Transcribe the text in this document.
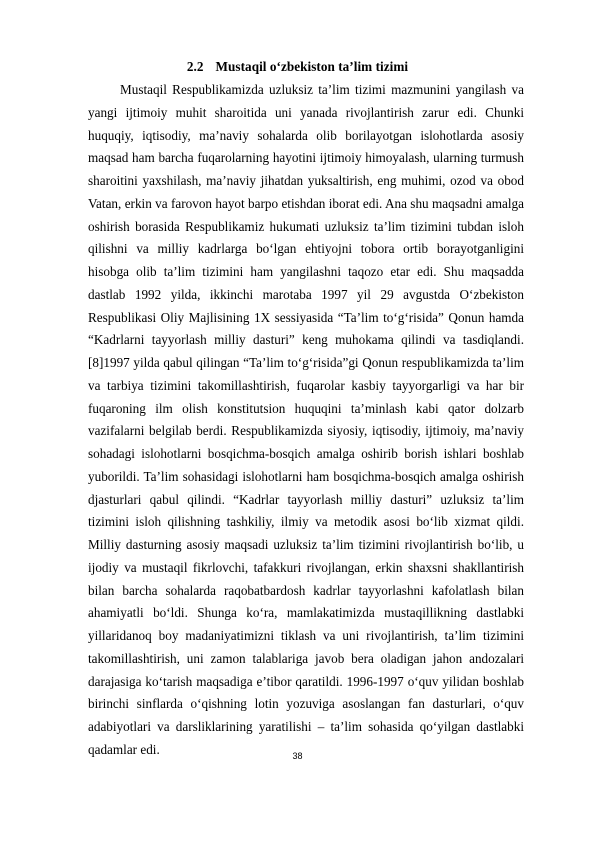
2.2 Mustaqil o‘zbekiston ta’lim tizimi

Mustaqil Respublikamizda uzluksiz ta’lim tizimi mazmunini yangilash va yangi ijtimoiy muhit sharoitida uni yanada rivojlantirish zarur edi. Chunki huquqiy, iqtisodiy, ma’naviy sohalarda olib borilayotgan islohotlarda asosiy maqsad ham barcha fuqarolarning hayotini ijtimoiy himoyalash, ularning turmush sharoitini yaxshilash, ma’naviy jihatdan yuksaltirish, eng muhimi, ozod va obod Vatan, erkin va farovon hayot barpo etishdan iborat edi. Ana shu maqsadni amalga oshirish borasida Respublikamiz hukumati uzluksiz ta’lim tizimini tubdan isloh qilishni va milliy kadrlarga bo‘lgan ehtiyojni tobora ortib borayotganligini hisobga olib ta’lim tizimini ham yangilashni taqozo etar edi. Shu maqsadda dastlab 1992 yilda, ikkinchi marotaba 1997 yil 29 avgustda O‘zbekiston Respublikasi Oliy Majlisining 1X sessiyasida “Ta’lim to‘g‘risida” Qonun hamda “Kadrlarni tayyorlash milliy dasturi” keng muhokama qilindi va tasdiqlandi. [8]1997 yilda qabul qilingan “Ta’lim to‘g‘risida”gi Qonun respublikamizda ta’lim va tarbiya tizimini takomillashtirish, fuqarolar kasbiy tayyorgarligi va har bir fuqaroning ilm olish konstitutsion huquqini ta’minlash kabi qator dolzarb vazifalarni belgilab berdi. Respublikamizda siyosiy, iqtisodiy, ijtimoiy, ma’naviy sohadagi islohotlarni bosqichma-bosqich amalga oshirib borish ishlari boshlab yuborildi. Ta’lim sohasidagi islohotlarni ham bosqichma-bosqich amalga oshirish djasturlari qabul qilindi. “Kadrlar tayyorlash milliy dasturi” uzluksiz ta’lim tizimini isloh qilishning tashkiliy, ilmiy va metodik asosi bo‘lib xizmat qildi. Milliy dasturning asosiy maqsadi uzluksiz ta’lim tizimini rivojlantirish bo‘lib, u ijodiy va mustaqil fikrlovchi, tafakkuri rivojlangan, erkin shaxsni shakllantirish bilan barcha sohalarda raqobatbardosh kadrlar tayyorlashni kafolatlash bilan ahamiyatli bo‘ldi. Shunga ko‘ra, mamlakatimizda mustaqillikning dastlabki yillaridanoq boy madaniyatimizni tiklash va uni rivojlantirish, ta’lim tizimini takomillashtirish, uni zamon talablariga javob bera oladigan jahon andozalari darajasiga ko‘tarish maqsadiga e’tibor qaratildi. 1996-1997 o‘quv yilidan boshlab birinchi sinflarda o‘qishning lotin yozuviga asoslangan fan dasturlari, o‘quv adabiyotlari va darsliklarining yaratilishi – ta’lim sohasida qo‘yilgan dastlabki qadamlar edi.	38
